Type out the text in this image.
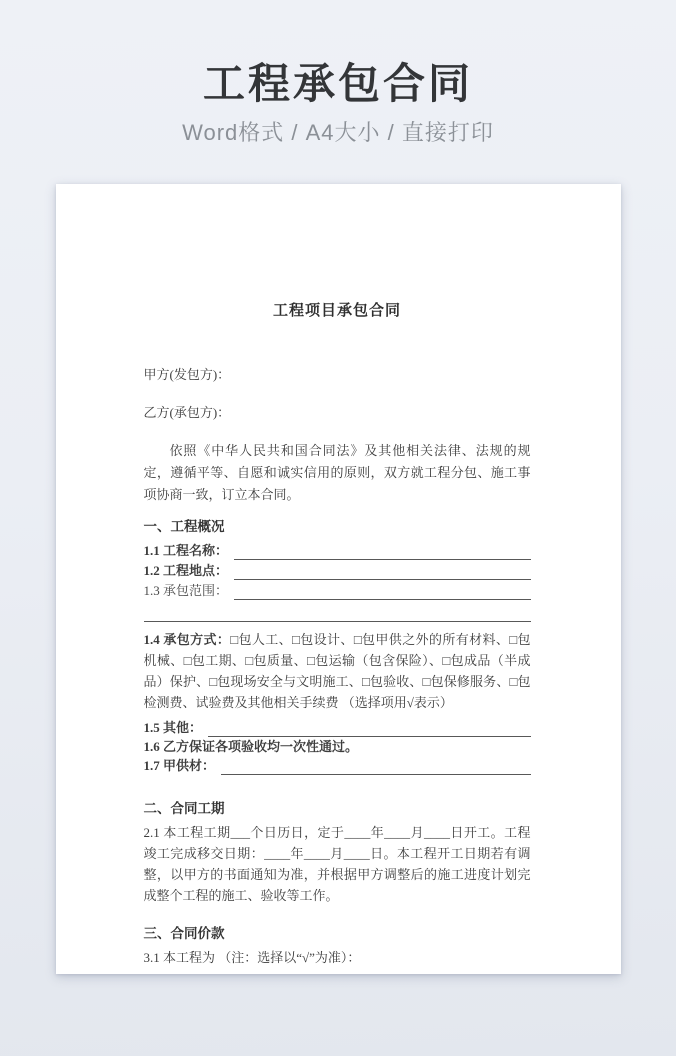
工程承包合同

Word格式 / A4大小 / 直接打印

工程项目承包合同

甲方(发包方)：

乙方(承包方)：

依照《中华人民共和国合同法》及其他相关法律、法规的规定，遵循平等、自愿和诚实信用的原则，双方就工程分包、施工事项协商一致，订立本合同。

一、工程概况
1.1 工程名称：
1.2 工程地点：
1.3 承包范围：

1.4 承包方式：□包人工、□包设计、□包甲供之外的所有材料、□包机械、□包工期、□包质量、□包运输（包含保险）、□包成品（半成品）保护、□包现场安全与文明施工、□包验收、□包保修服务、□包检测费、试验费及其他相关手续费 （选择项用√表示）

1.5 其他：
1.6 乙方保证各项验收均一次性通过。
1.7 甲供材：
二、合同工期

2.1 本工程工期___个日历日，定于____年____月____日开工。工程竣工完成移交日期：____年____月____日。本工程开工日期若有调整，以甲方的书面通知为准，并根据甲方调整后的施工进度计划完成整个工程的施工、验收等工作。

三、合同价款

3.1 本工程为 （注：选择以“√”为准）：
